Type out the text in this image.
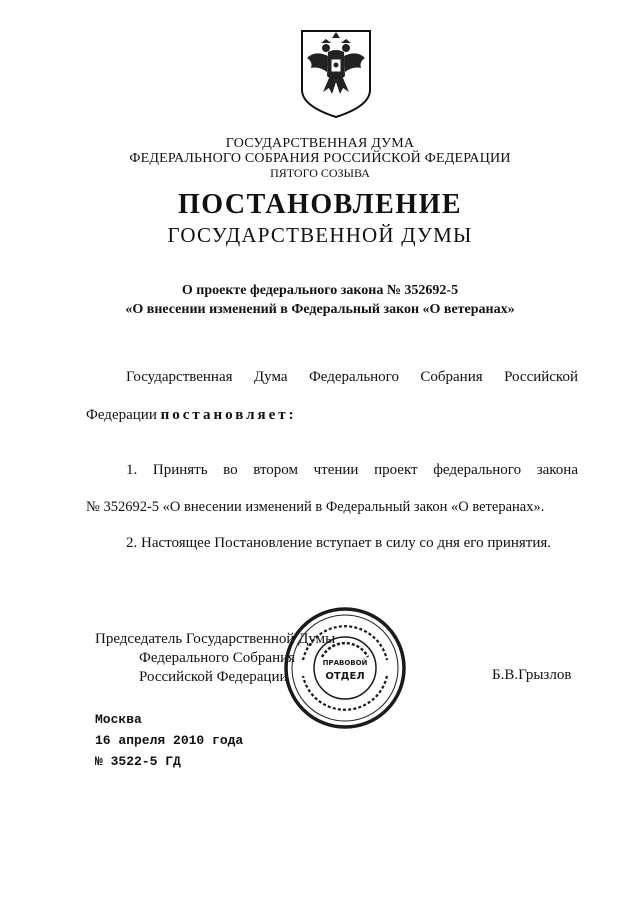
ГОСУДАРСТВЕННАЯ ДУМА
ФЕДЕРАЛЬНОГО СОБРАНИЯ РОССИЙСКОЙ ФЕДЕРАЦИИ
ПЯТОГО СОЗЫВА
ПОСТАНОВЛЕНИЕ
ГОСУДАРСТВЕННОЙ ДУМЫ
О проекте федерального закона № 352692-5
«О внесении изменений в Федеральный закон «О ветеранах»
Государственная Дума Федерального Собрания Российской
Федерации постановляет:
1. Принять во втором чтении проект федерального закона
№ 352692-5 «О внесении изменений в Федеральный закон «О ветеранах».
2. Настоящее Постановление вступает в силу со дня его принятия.
Председатель Государственной Думы
Федерального Собрания
Российской Федерации	Б.В.Грызлов
ОТДЕЛ
ПРАВОВОЙ
Москва
16 апреля 2010 года
№ 3522-5 ГД
